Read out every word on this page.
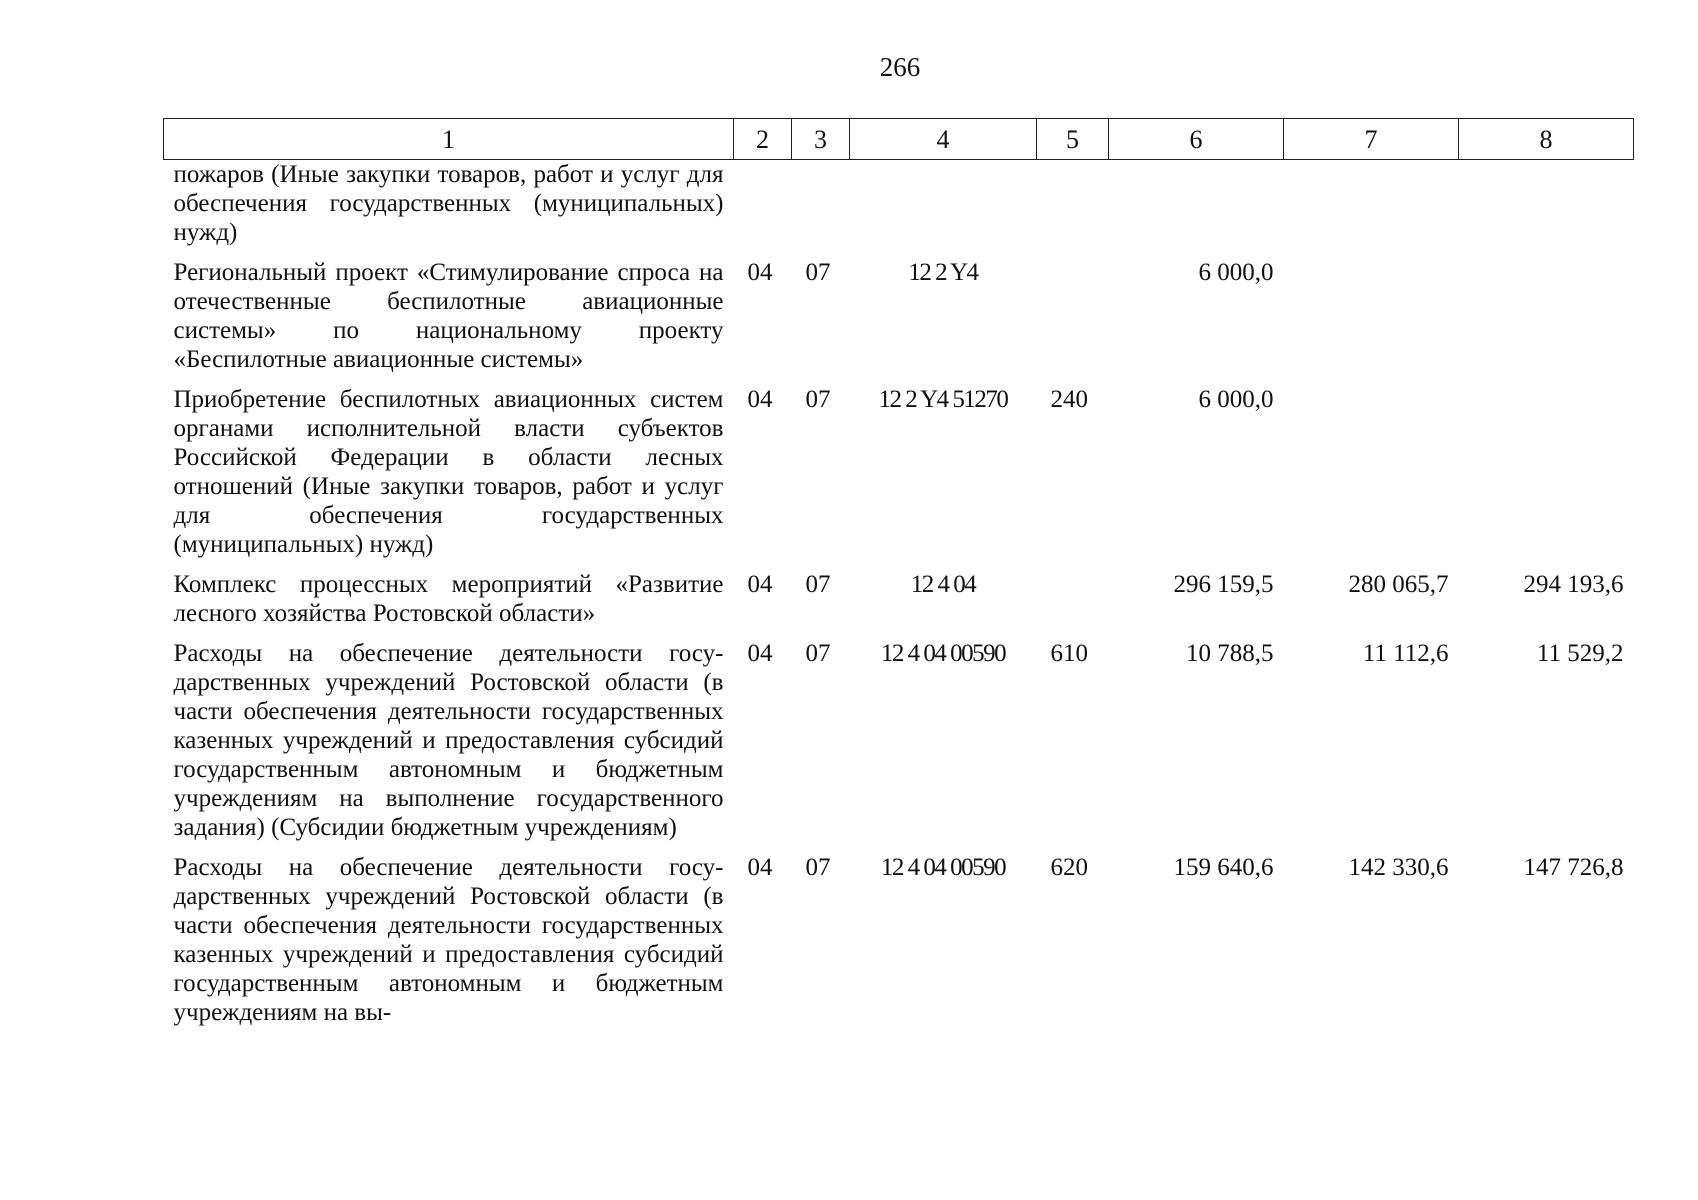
266
1	2	3	4	5	6	7	8
пожаров (Иные закупки товаров, работ и услуг для обеспечения государственных (муниципальных) нужд)							
Региональный проект «Стимулирование спроса на отечественные беспилотные авиационные системы» по национальному проекту «Беспилотные авиационные системы»	04	07	12 2 Y4		6 000,0		
Приобретение беспилотных авиационных систем органами исполнительной власти субъектов Российской Федерации в области лесных отношений (Иные закупки товаров, работ и услуг для обеспечения государственных (муниципальных) нужд)	04	07	12 2 Y4 51270	240	6 000,0		
Комплекс процессных мероприятий «Развитие лесного хозяйства Ростовской области»	04	07	12 4 04		296 159,5	280 065,7	294 193,6
Расходы на обеспечение деятельности государственных учреждений Ростовской области (в части обеспечения деятельности государственных казенных учреждений и предоставления субсидий государственным автономным и бюджетным учреждениям на выполнение государственного задания) (Субсидии бюджетным учреждениям)	04	07	12 4 04 00590	610	10 788,5	11 112,6	11 529,2
Расходы на обеспечение деятельности государственных учреждений Ростовской области (в части обеспечения деятельности государственных казенных учреждений и предоставления субсидий государственным автономным и бюджетным учреждениям на вы-	04	07	12 4 04 00590	620	159 640,6	142 330,6	147 726,8
